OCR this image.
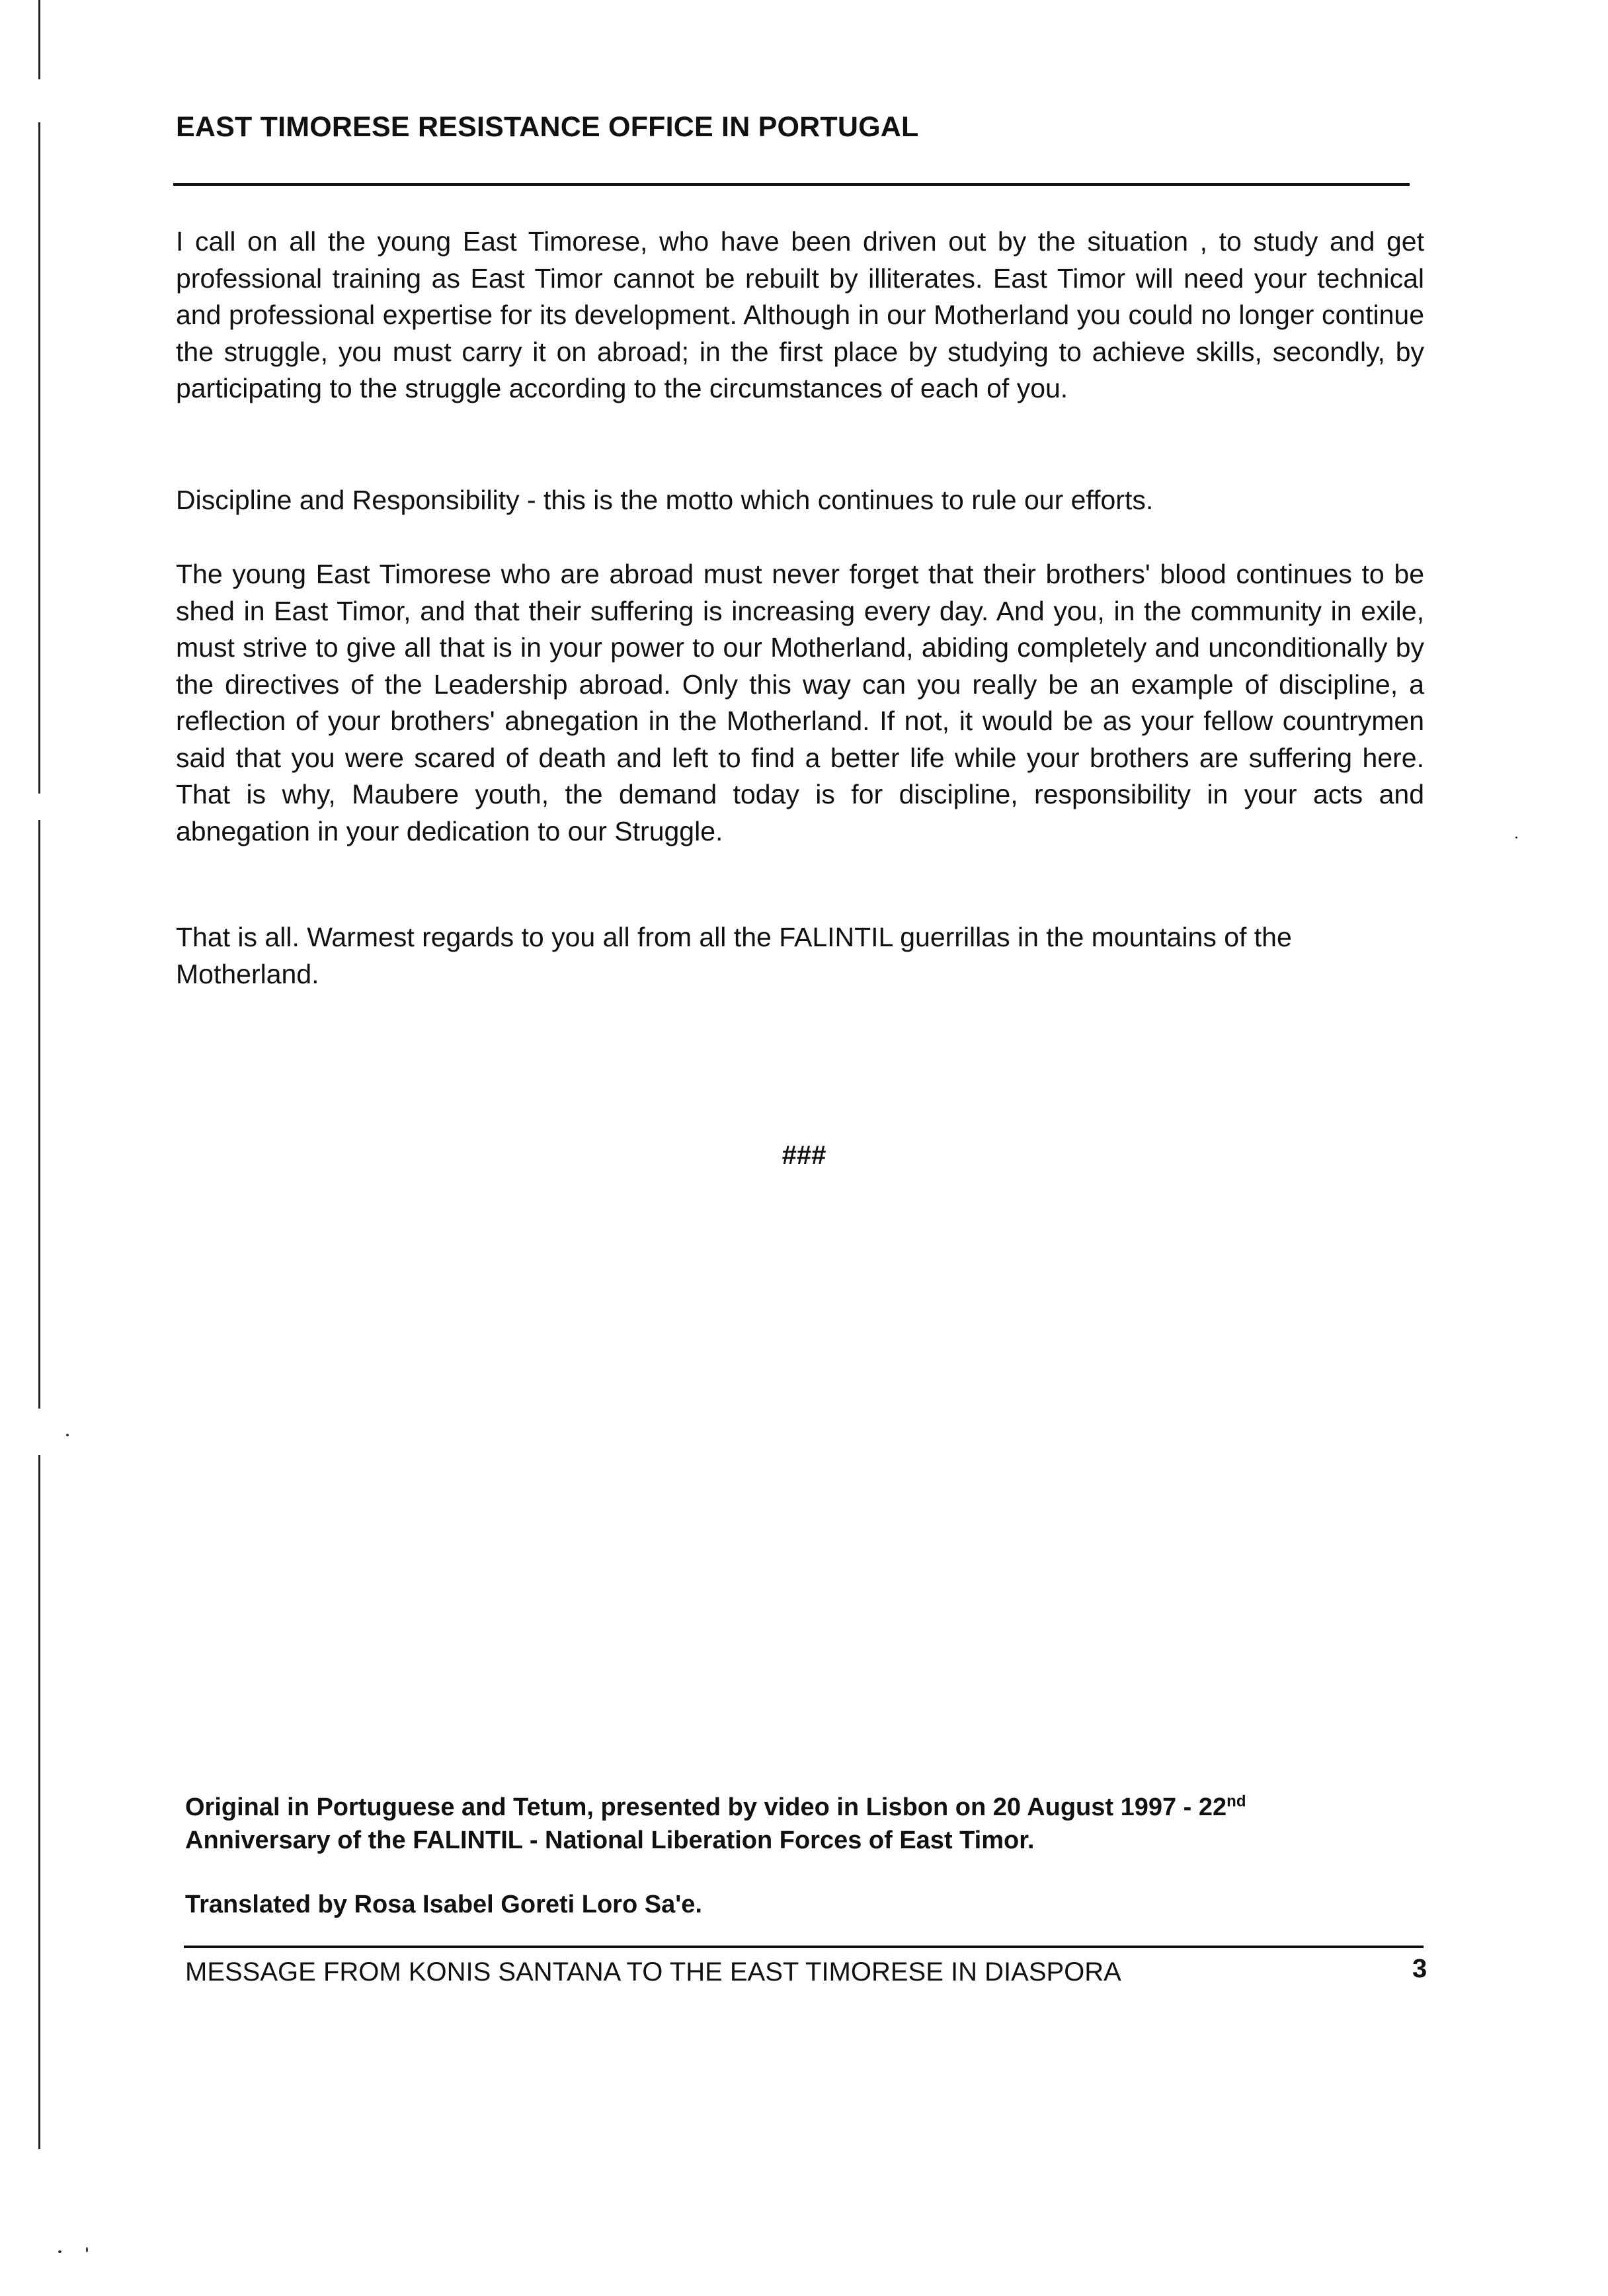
EAST TIMORESE RESISTANCE OFFICE IN PORTUGAL
I call on all the young East Timorese, who have been driven out by the situation , to study and get professional training as East Timor cannot be rebuilt by illiterates. East Timor will need your technical and professional expertise for its development. Although in our Motherland you could no longer continue the struggle, you must carry it on abroad; in the first place by studying to achieve skills, secondly, by participating to the struggle according to the circumstances of each of you.
Discipline and Responsibility - this is the motto which continues to rule our efforts.
The young East Timorese who are abroad must never forget that their brothers' blood continues to be shed in East Timor, and that their suffering is increasing every day. And you, in the community in exile, must strive to give all that is in your power to our Motherland, abiding completely and unconditionally by the directives of the Leadership abroad. Only this way can you really be an example of discipline, a reflection of your brothers' abnegation in the Motherland. If not, it would be as your fellow countrymen said that you were scared of death and left to find a better life while your brothers are suffering here. That is why, Maubere youth, the demand today is for discipline, responsibility in your acts and abnegation in your dedication to our Struggle.
That is all. Warmest regards to you all from all the FALINTIL guerrillas in the mountains of the Motherland.
###
Original in Portuguese and Tetum, presented by video in Lisbon on 20 August 1997 - 22nd
Anniversary of the FALINTIL - National Liberation Forces of East Timor.
Translated by Rosa Isabel Goreti Loro Sa'e.
MESSAGE FROM KONIS SANTANA TO THE EAST TIMORESE IN DIASPORA	3
